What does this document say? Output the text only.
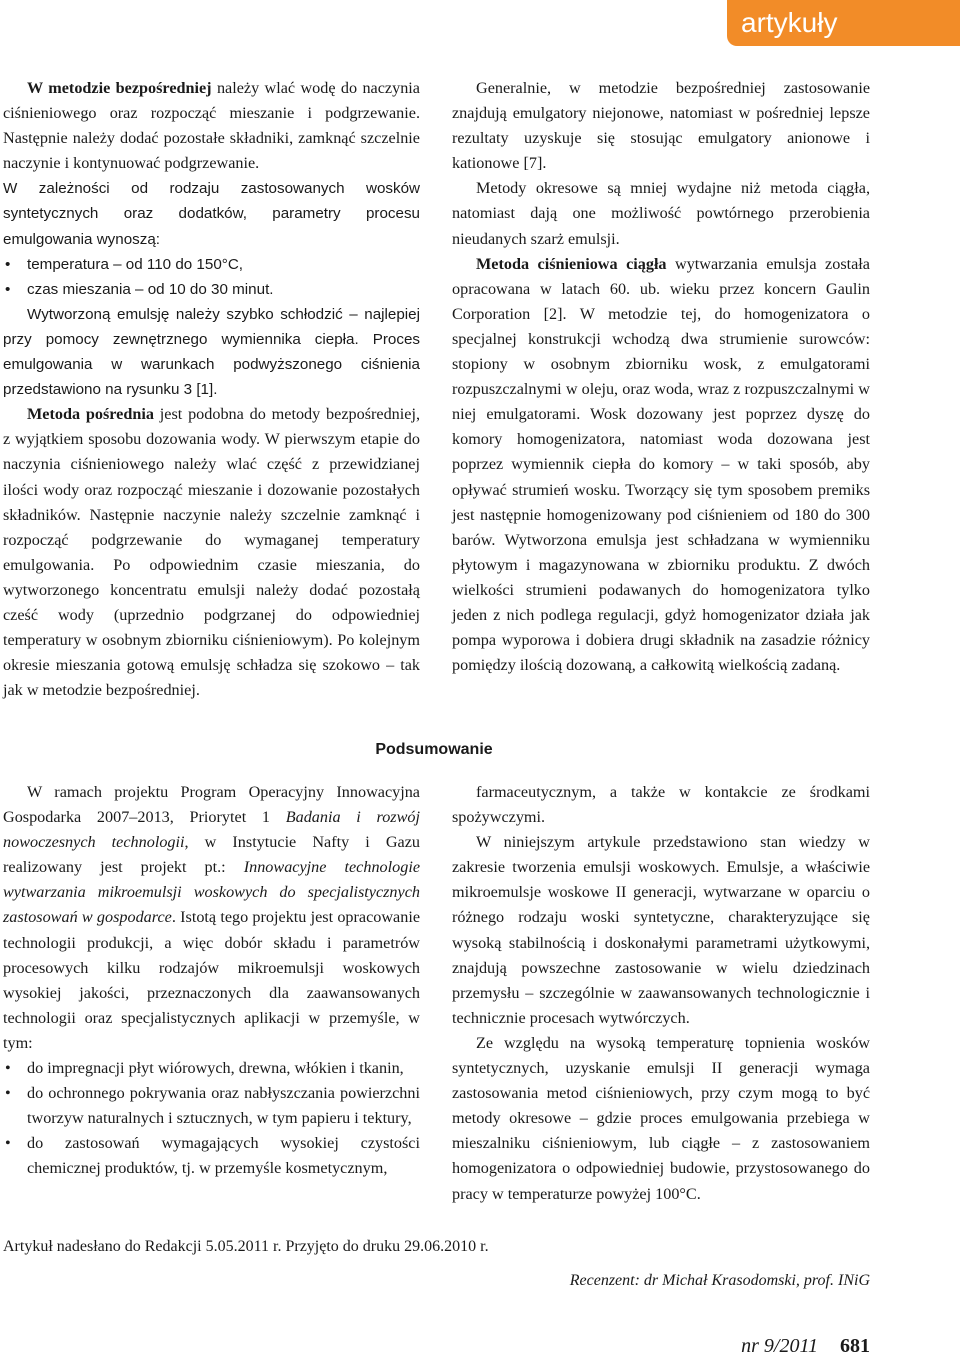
artykuły

W metodzie bezpośredniej należy wlać wodę do naczynia ciśnieniowego oraz rozpocząć mieszanie i podgrzewanie. Następnie należy dodać pozostałe składniki, zamknąć szczelnie naczynie i kontynuować podgrzewanie.

W zależności od rodzaju zastosowanych wosków syntetycznych oraz dodatków, parametry procesu emulgowania wynoszą:

• temperatura – od 110 do 150°C,
• czas mieszania – od 10 do 30 minut.

Wytworzoną emulsję należy szybko schłodzić – najlepiej przy pomocy zewnętrznego wymiennika ciepła. Proces emulgowania w warunkach podwyższonego ciśnienia przedstawiono na rysunku 3 [1].

Metoda pośrednia jest podobna do metody bezpośredniej, z wyjątkiem sposobu dozowania wody. W pierwszym etapie do naczynia ciśnieniowego należy wlać część z przewidzianej ilości wody oraz rozpocząć mieszanie i dozowanie pozostałych składników. Następnie naczynie należy szczelnie zamknąć i rozpocząć podgrzewanie do wymaganej temperatury emulgowania. Po odpowiednim czasie mieszania, do wytworzonego koncentratu emulsji należy dodać pozostałą cześć wody (uprzednio podgrzanej do odpowiedniej temperatury w osobnym zbiorniku ciśnieniowym). Po kolejnym okresie mieszania gotową emulsję schładza się szokowo – tak jak w metodzie bezpośredniej.

Generalnie, w metodzie bezpośredniej zastosowanie znajdują emulgatory niejonowe, natomiast w pośredniej lepsze rezultaty uzyskuje się stosując emulgatory anionowe i kationowe [7].

Metody okresowe są mniej wydajne niż metoda ciągła, natomiast dają one możliwość powtórnego przerobienia nieudanych szarż emulsji.

Metoda ciśnieniowa ciągła wytwarzania emulsja została opracowana w latach 60. ub. wieku przez koncern Gaulin Corporation [2]. W metodzie tej, do homogenizatora o specjalnej konstrukcji wchodzą dwa strumienie surowców: stopiony w osobnym zbiorniku wosk, z emulgatorami rozpuszczalnymi w oleju, oraz woda, wraz z rozpuszczalnymi w niej emulgatorami. Wosk dozowany jest poprzez dyszę do komory homogenizatora, natomiast woda dozowana jest poprzez wymiennik ciepła do komory – w taki sposób, aby opływać strumień wosku. Tworzący się tym sposobem premiks jest następnie homogenizowany pod ciśnieniem od 180 do 300 barów. Wytworzona emulsja jest schładzana w wymienniku płytowym i magazynowana w zbiorniku produktu. Z dwóch wielkości strumieni podawanych do homogenizatora tylko jeden z nich podlega regulacji, gdyż homogenizator działa jak pompa wyporowa i dobiera drugi składnik na zasadzie różnicy pomiędzy ilością dozowaną, a całkowitą wielkością zadaną.

Podsumowanie

W ramach projektu Program Operacyjny Innowacyjna Gospodarka 2007–2013, Priorytet 1 Badania i rozwój nowoczesnych technologii, w Instytucie Nafty i Gazu realizowany jest projekt pt.: Innowacyjne technologie wytwarzania mikroemulsji woskowych do specjalistycznych zastosowań w gospodarce. Istotą tego projektu jest opracowanie technologii produkcji, a więc dobór składu i parametrów procesowych kilku rodzajów mikroemulsji woskowych wysokiej jakości, przeznaczonych dla zaawansowanych technologii oraz specjalistycznych aplikacji w przemyśle, w tym:

• do impregnacji płyt wiórowych, drewna, włókien i tkanin,
• do ochronnego pokrywania oraz nabłyszczania powierzchni tworzyw naturalnych i sztucznych, w tym papieru i tektury,
• do zastosowań wymagających wysokiej czystości chemicznej produktów, tj. w przemyśle kosmetycznym,

farmaceutycznym, a także w kontakcie ze środkami spożywczymi.

W niniejszym artykule przedstawiono stan wiedzy w zakresie tworzenia emulsji woskowych. Emulsje, a właściwie mikroemulsje woskowe II generacji, wytwarzane w oparciu o różnego rodzaju woski syntetyczne, charakteryzujące się wysoką stabilnością i doskonałymi parametrami użytkowymi, znajdują powszechne zastosowanie w wielu dziedzinach przemysłu – szczególnie w zaawansowanych technologicznie i technicznie procesach wytwórczych.

Ze względu na wysoką temperaturę topnienia wosków syntetycznych, uzyskanie emulsji II generacji wymaga zastosowania metod ciśnieniowych, przy czym mogą to być metody okresowe – gdzie proces emulgowania przebiega w mieszalniku ciśnieniowym, lub ciągłe – z zastosowaniem homogenizatora o odpowiedniej budowie, przystosowanego do pracy w temperaturze powyżej 100°C.

Artykuł nadesłano do Redakcji 5.05.2011 r. Przyjęto do druku 29.06.2010 r.
Recenzent: dr Michał Krasodomski, prof. INiG
nr 9/2011 681
